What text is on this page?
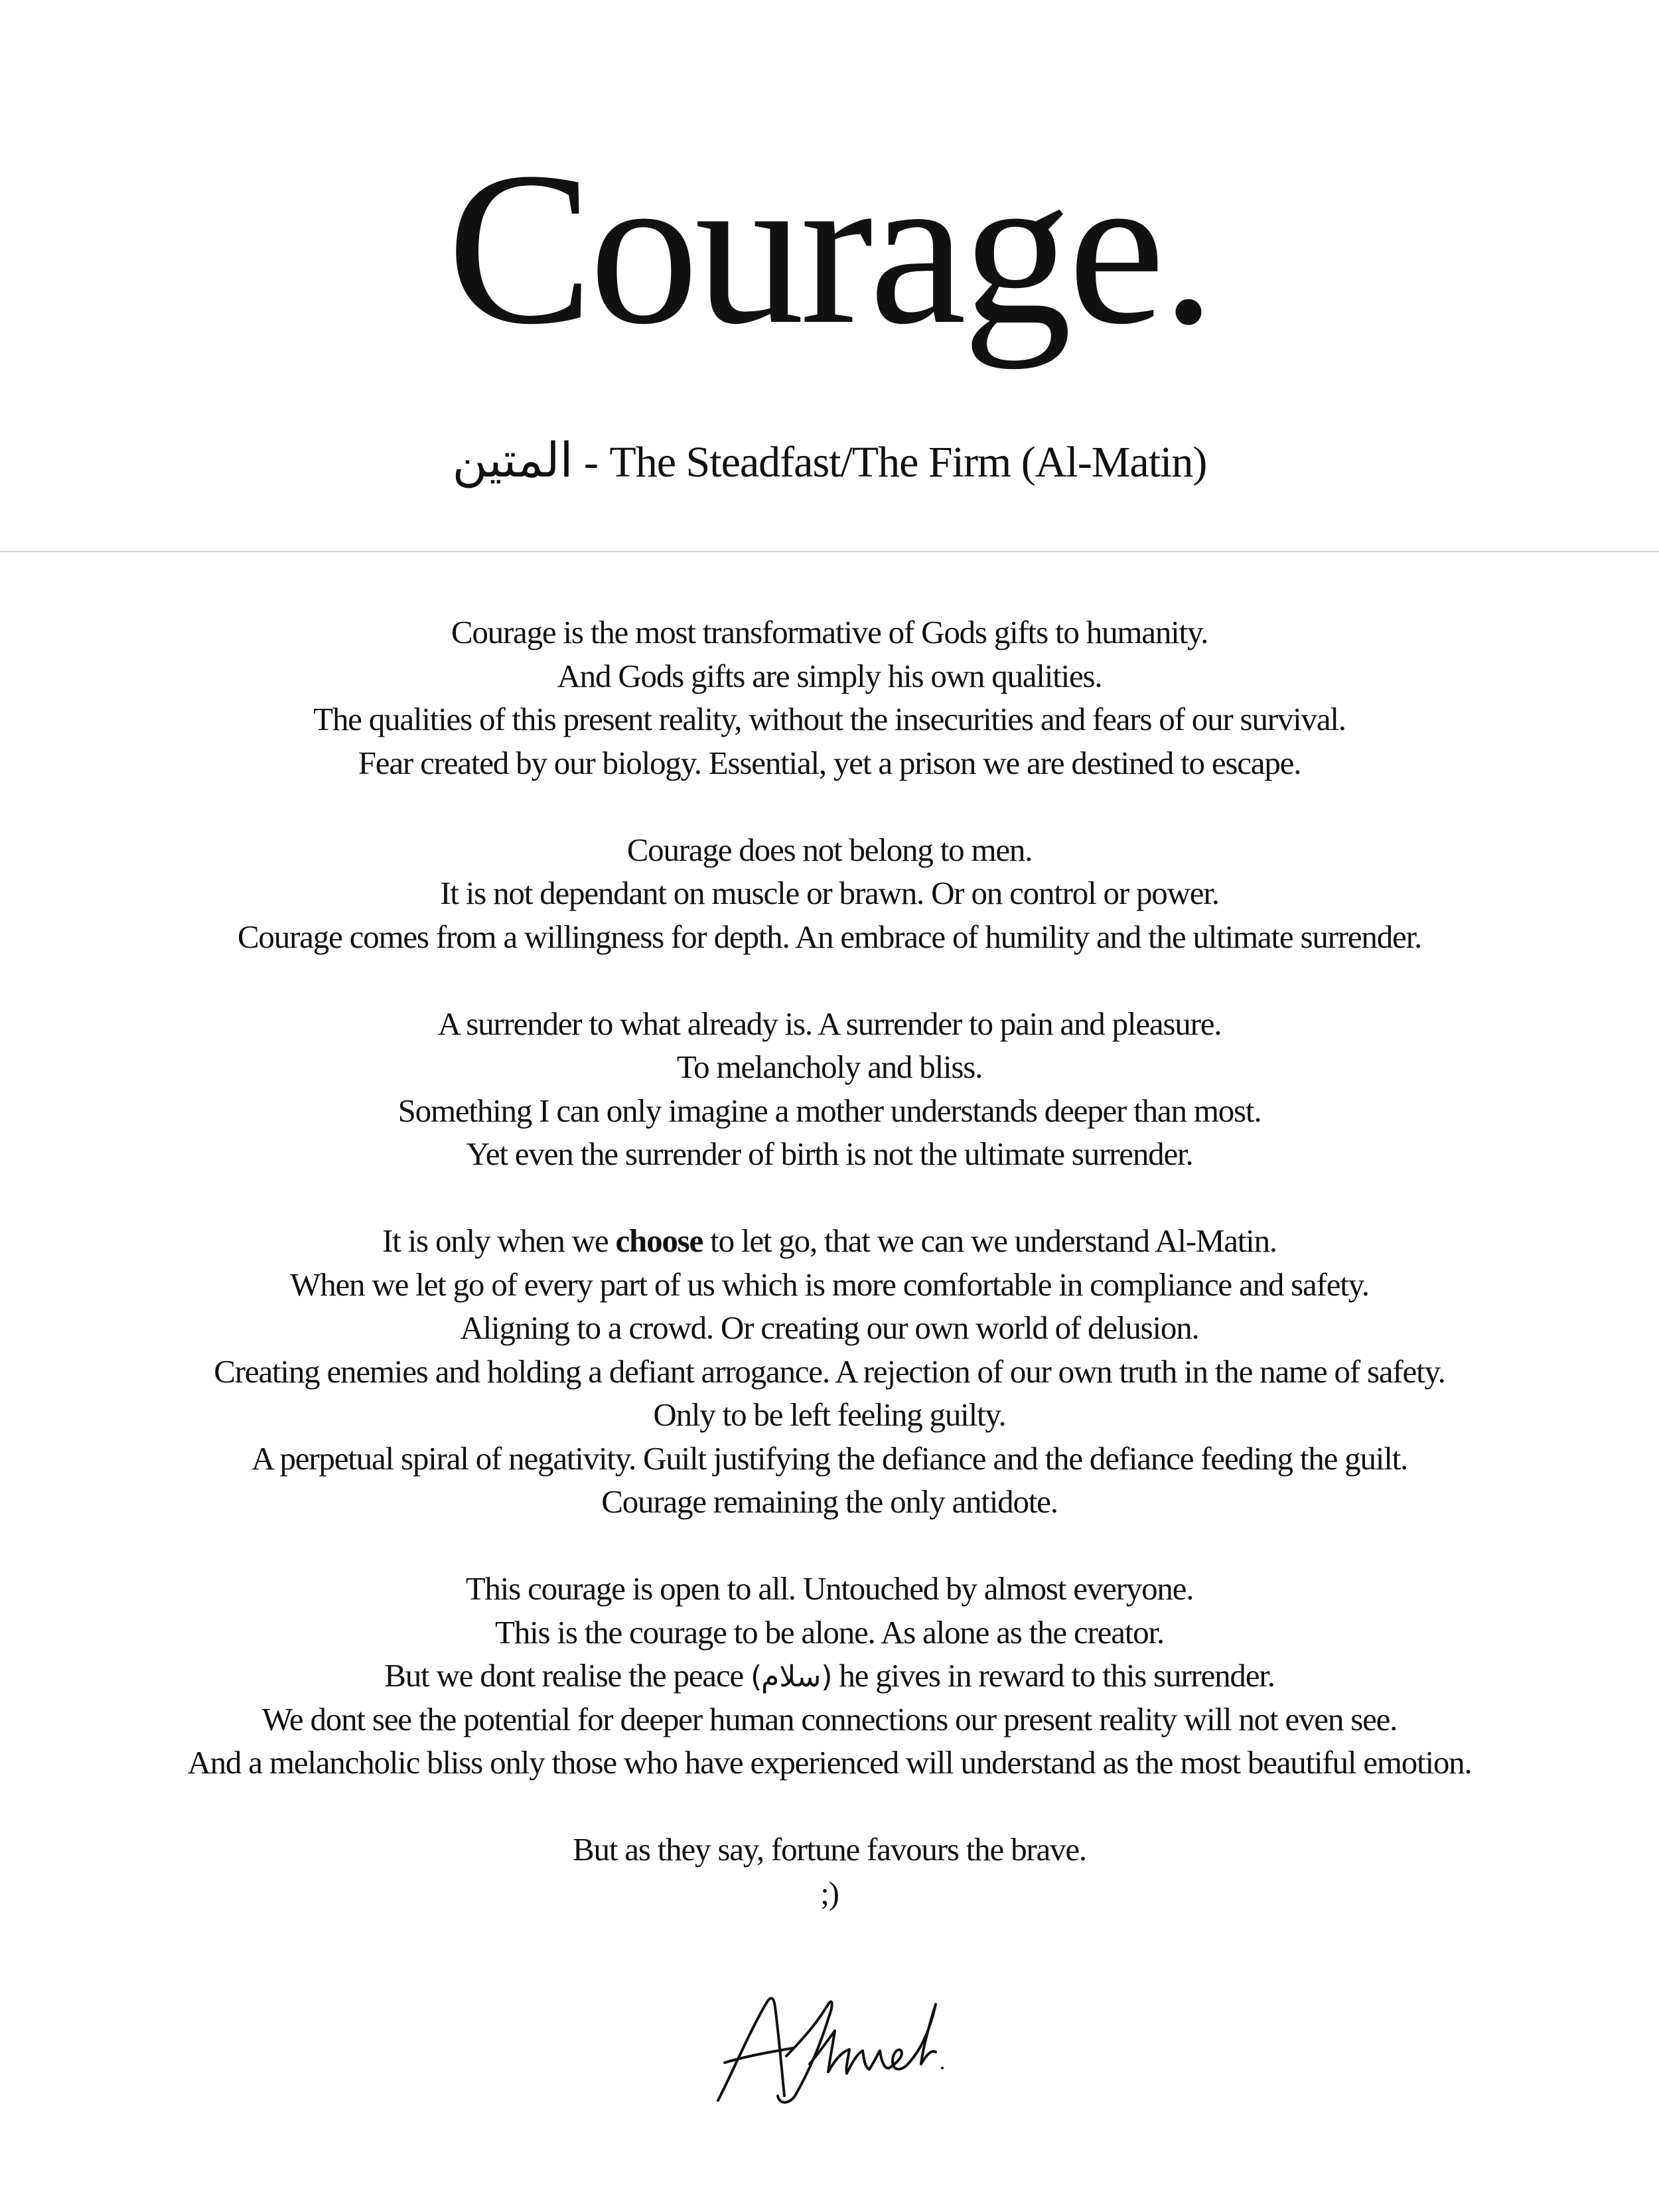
Courage.
المتين - The Steadfast/The Firm (Al-Matin)
Courage is the most transformative of Gods gifts to humanity.
And Gods gifts are simply his own qualities.
The qualities of this present reality, without the insecurities and fears of our survival.
Fear created by our biology. Essential, yet a prison we are destined to escape.
Courage does not belong to men.
It is not dependant on muscle or brawn. Or on control or power.
Courage comes from a willingness for depth. An embrace of humility and the ultimate surrender.
A surrender to what already is. A surrender to pain and pleasure.
To melancholy and bliss.
Something I can only imagine a mother understands deeper than most.
Yet even the surrender of birth is not the ultimate surrender.
It is only when we choose to let go, that we can we understand Al-Matin.
When we let go of every part of us which is more comfortable in compliance and safety.
Aligning to a crowd. Or creating our own world of delusion.
Creating enemies and holding a defiant arrogance. A rejection of our own truth in the name of safety.
Only to be left feeling guilty.
A perpetual spiral of negativity. Guilt justifying the defiance and the defiance feeding the guilt.
Courage remaining the only antidote.
This courage is open to all. Untouched by almost everyone.
This is the courage to be alone. As alone as the creator.
But we dont realise the peace (سلام) he gives in reward to this surrender.
We dont see the potential for deeper human connections our present reality will not even see.
And a melancholic bliss only those who have experienced will understand as the most beautiful emotion.
But as they say, fortune favours the brave.
;)
